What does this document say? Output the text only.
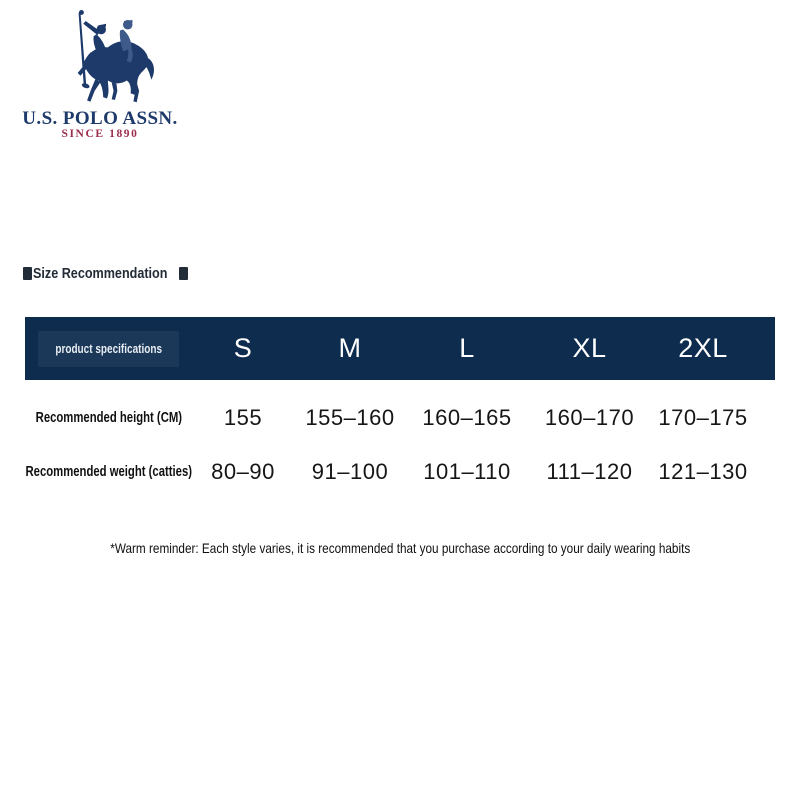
U.S. POLO ASSN.
SINCE 1890
Size Recommendation
product specifications	S	M	L	XL	2XL
Recommended height (CM)	155	155–160	160–165	160–170	170–175
Recommended weight (catties) 80–90	91–100	101–110	111–120	121–130
*Warm reminder: Each style varies, it is recommended that you purchase according to your daily wearing habits
